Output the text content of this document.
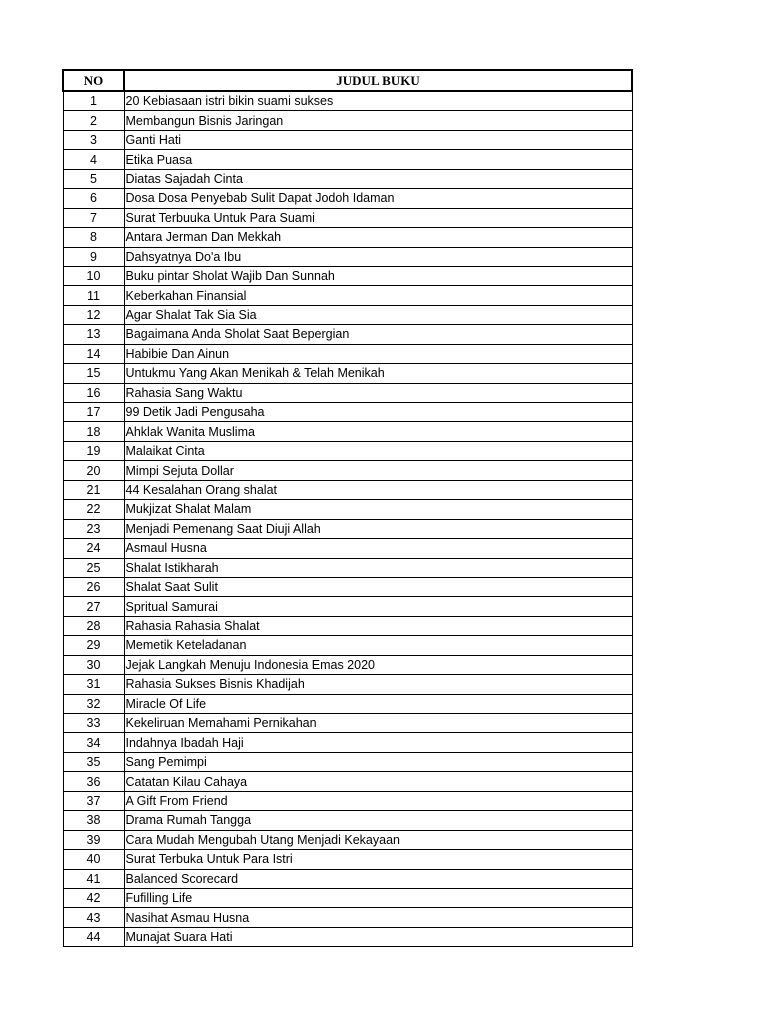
NO	JUDUL BUKU
1	20 Kebiasaan istri bikin suami sukses
2	Membangun Bisnis Jaringan
3	Ganti Hati
4	Etika Puasa
5	Diatas Sajadah Cinta
6	Dosa Dosa Penyebab Sulit Dapat Jodoh Idaman
7	Surat Terbuuka Untuk Para Suami
8	Antara Jerman Dan Mekkah
9	Dahsyatnya Do'a Ibu
10	Buku pintar Sholat Wajib Dan Sunnah
11	Keberkahan Finansial
12	Agar Shalat Tak Sia Sia
13	Bagaimana Anda Sholat Saat Bepergian
14	Habibie Dan Ainun
15	Untukmu Yang Akan Menikah & Telah Menikah
16	Rahasia Sang Waktu
17	99 Detik Jadi Pengusaha
18	Ahklak Wanita Muslima
19	Malaikat Cinta
20	Mimpi Sejuta Dollar
21	44 Kesalahan Orang shalat
22	Mukjizat Shalat Malam
23	Menjadi Pemenang Saat Diuji Allah
24	Asmaul Husna
25	Shalat Istikharah
26	Shalat Saat Sulit
27	Spritual Samurai
28	Rahasia Rahasia Shalat
29	Memetik Keteladanan
30	Jejak Langkah Menuju Indonesia Emas 2020
31	Rahasia Sukses Bisnis Khadijah
32	Miracle Of Life
33	Kekeliruan Memahami Pernikahan
34	Indahnya Ibadah Haji
35	Sang Pemimpi
36	Catatan Kilau Cahaya
37	A Gift From Friend
38	Drama Rumah Tangga
39	Cara Mudah Mengubah Utang Menjadi Kekayaan
40	Surat Terbuka Untuk Para Istri
41	Balanced Scorecard
42	Fufilling Life
43	Nasihat Asmau Husna
44	Munajat Suara Hati
